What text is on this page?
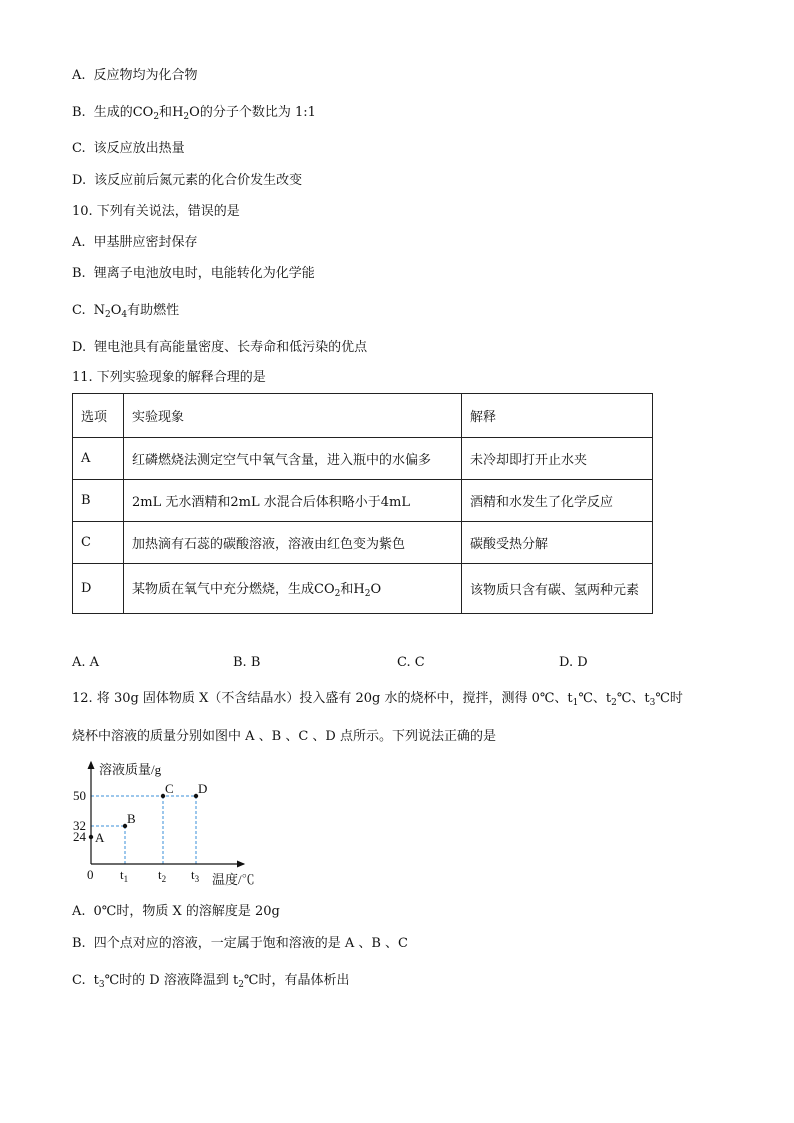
A. 反应物均为化合物
B. 生成的$CO_2$和$H_2O$的分子个数比为 1:1
C. 该反应放出热量
D. 该反应前后氮元素的化合价发生改变
10. 下列有关说法，错误的是
A. 甲基肼应密封保存
B. 锂离子电池放电时，电能转化为化学能
C. $N_2O_4$有助燃性
D. 锂电池具有高能量密度、长寿命和低污染的优点
11. 下列实验现象的解释合理的是
选项	实验现象	解释
A	红磷燃烧法测定空气中氧气含量，进入瓶中的水偏多	未冷却即打开止水夹
B	2mL 无水酒精和2mL 水混合后体积略小于4mL	酒精和水发生了化学反应
C	加热滴有石蕊的碳酸溶液，溶液由红色变为紫色	碳酸受热分解
D	某物质在氧气中充分燃烧，生成$CO_2$和$H_2O$	该物质只含有碳、氢两种元素
A. A	B. B	C. C	D. D
12. 将 30g 固体物质 X（不含结晶水）投入盛有 20g 水的烧杯中，搅拌，测得 0℃、$t_1℃$、$t_2℃$、$t_3℃$时
烧杯中溶液的质量分别如图中 A 、B 、C 、D 点所示。下列说法正确的是
溶液质量/g
温度/℃
0
50
32
24
$t_1$ $t_2$ $t_3$
A
B
C D
A. 0℃时，物质 X 的溶解度是 20g
B. 四个点对应的溶液，一定属于饱和溶液的是 A 、B 、C
C. $t_3℃$时的 D 溶液降温到 $t_2℃$时，有晶体析出
